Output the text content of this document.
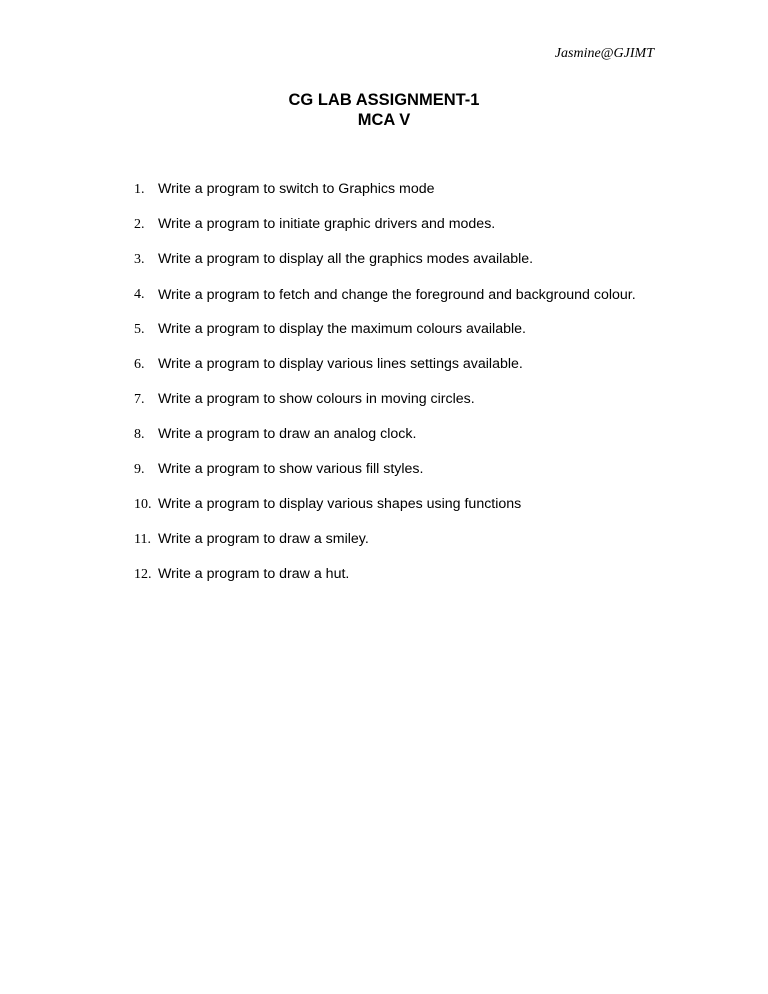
Jasmine@GJIMT
CG LAB ASSIGNMENT-1
MCA V
1. Write a program to switch to Graphics mode
2. Write a program to initiate graphic drivers and modes.
3. Write a program to display all the graphics modes available.
4. Write a program to fetch and change the foreground and background colour.
5. Write a program to display the maximum colours available.
6. Write a program to display various lines settings available.
7. Write a program to show colours in moving circles.
8. Write a program to draw an analog clock.
9. Write a program to show various fill styles.
10. Write a program to display various shapes using functions
11. Write a program to draw a smiley.
12. Write a program to draw a hut.
